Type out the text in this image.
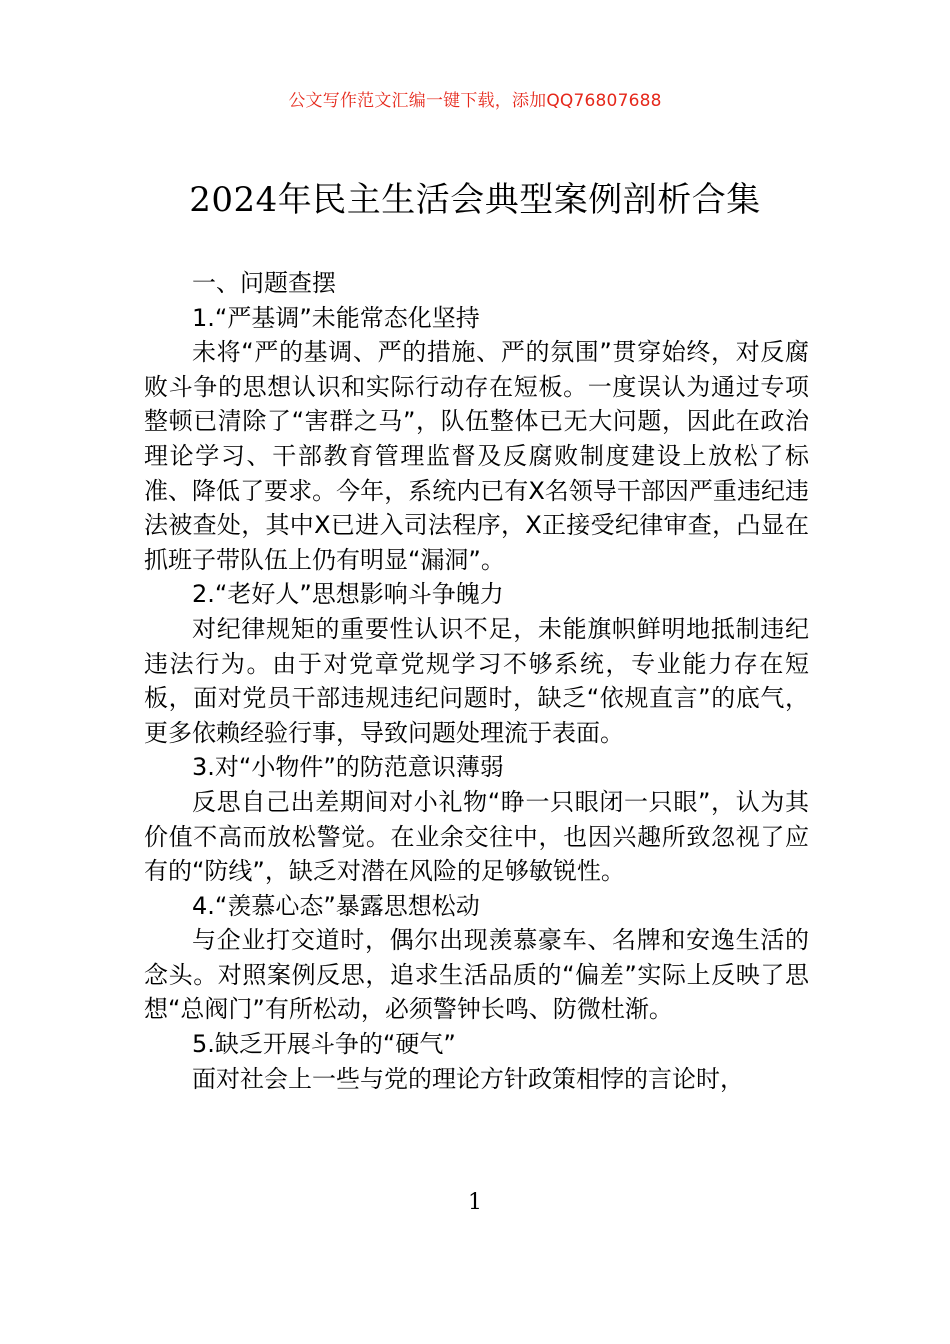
公文写作范文汇编一键下载，添加QQ76807688
2024年民主生活会典型案例剖析合集

一、问题查摆

1.“严基调”未能常态化坚持

未将“严的基调、严的措施、严的氛围”贯穿始终，对反腐败斗争的思想认识和实际行动存在短板。一度误认为通过专项整顿已清除了“害群之马”，队伍整体已无大问题，因此在政治理论学习、干部教育管理监督及反腐败制度建设上放松了标准、降低了要求。今年，系统内已有X名领导干部因严重违纪违法被查处，其中X已进入司法程序，X正接受纪律审查，凸显在抓班子带队伍上仍有明显“漏洞”。

2.“老好人”思想影响斗争魄力

对纪律规矩的重要性认识不足，未能旗帜鲜明地抵制违纪违法行为。由于对党章党规学习不够系统，专业能力存在短板，面对党员干部违规违纪问题时，缺乏“依规直言”的底气，更多依赖经验行事，导致问题处理流于表面。

3.对“小物件”的防范意识薄弱

反思自己出差期间对小礼物“睁一只眼闭一只眼”，认为其价值不高而放松警觉。在业余交往中，也因兴趣所致忽视了应有的“防线”，缺乏对潜在风险的足够敏锐性。

4.“羡慕心态”暴露思想松动

与企业打交道时，偶尔出现羡慕豪车、名牌和安逸生活的念头。对照案例反思，追求生活品质的“偏差”实际上反映了思想“总阀门”有所松动，必须警钟长鸣、防微杜渐。

5.缺乏开展斗争的“硬气”

面对社会上一些与党的理论方针政策相悖的言论时，

1
